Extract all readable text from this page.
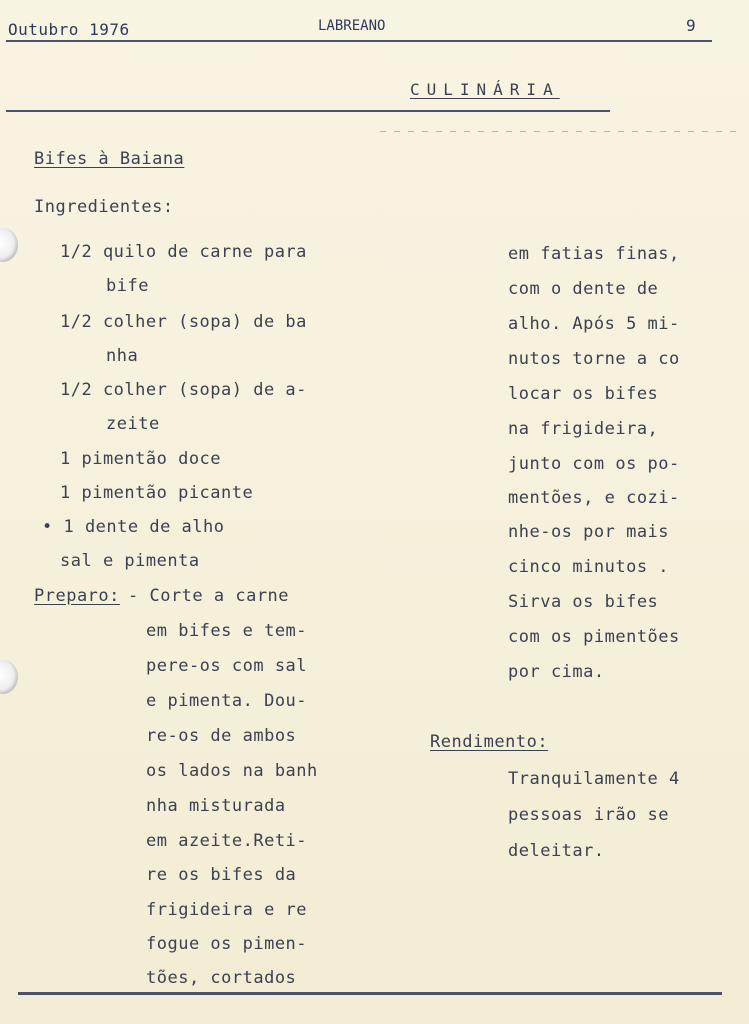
Outubro 1976	LABREANO	9
CULINÁRIA
Bifes à Baiana
Ingredientes:
1/2 quilo de carne para
bife
1/2 colher (sopa) de ba
nha
1/2 colher (sopa) de a-
zeite
1 pimentão doce
1 pimentão picante
• 1 dente de alho
sal e pimenta
Preparo: - Corte a carne
em bifes e tem-
pere-os com sal
e pimenta. Dou-
re-os de ambos
os lados na banh
nha misturada
em azeite.Reti-
re os bifes da
frigideira e re
fogue os pimen-
tões, cortados
em fatias finas,
com o dente de
alho. Após 5 mi-
nutos torne a co
locar os bifes
na frigideira,
junto com os po-
mentões, e cozi-
nhe-os por mais
cinco minutos .
Sirva os bifes
com os pimentões
por cima.
Rendimento:
Tranquilamente 4
pessoas irão se
deleitar.
